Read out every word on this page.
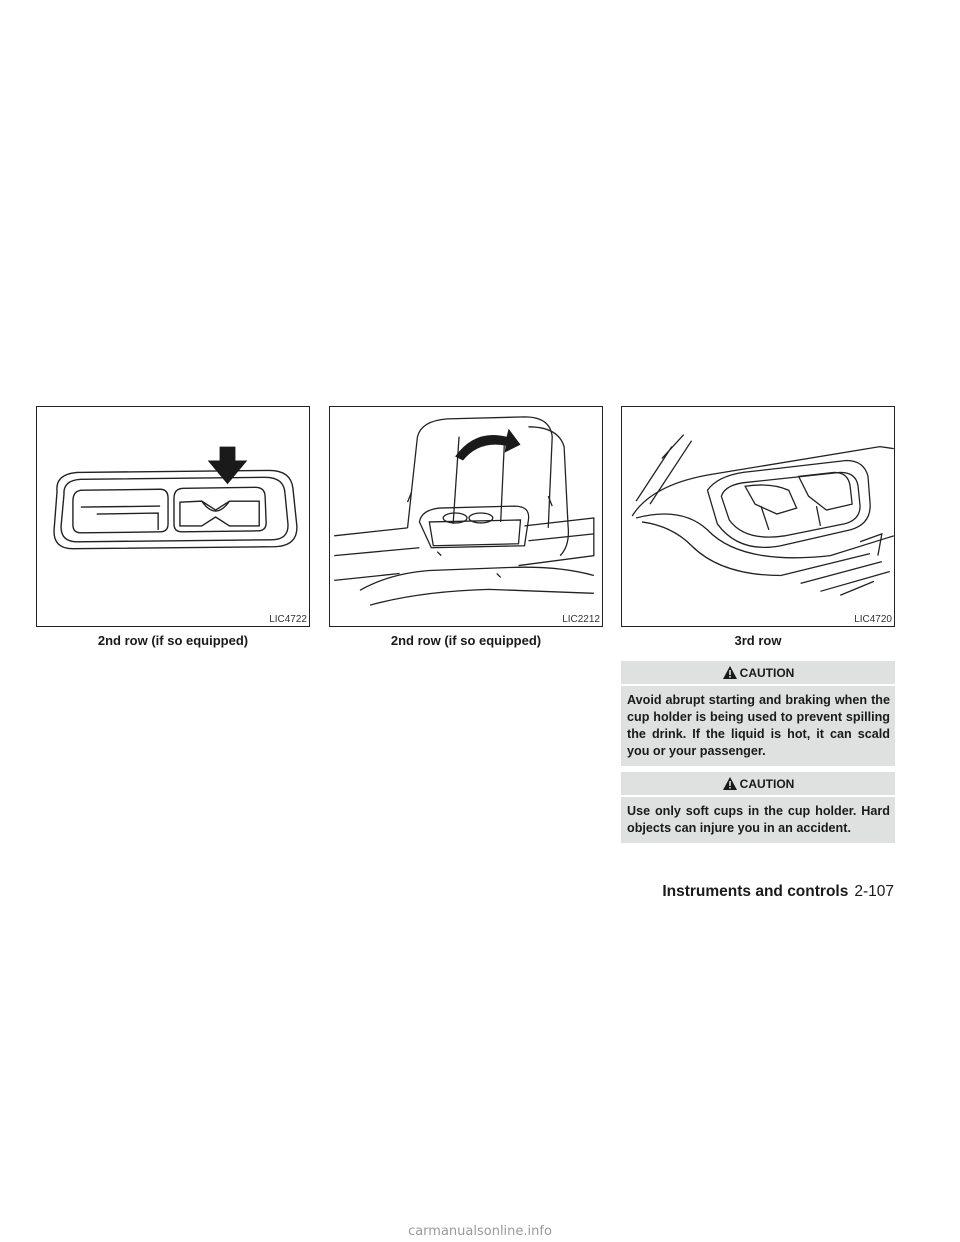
LIC4722	LIC2212	LIC4720
2nd row (if so equipped)	2nd row (if so equipped)	3rd row
CAUTION
Avoid abrupt starting and braking when the cup holder is being used to prevent spilling the drink. If the liquid is hot, it can scald you or your passenger.
CAUTION
Use only soft cups in the cup holder. Hard objects can injure you in an accident.
Instruments and controls 2-107
carmanualsonline.info
